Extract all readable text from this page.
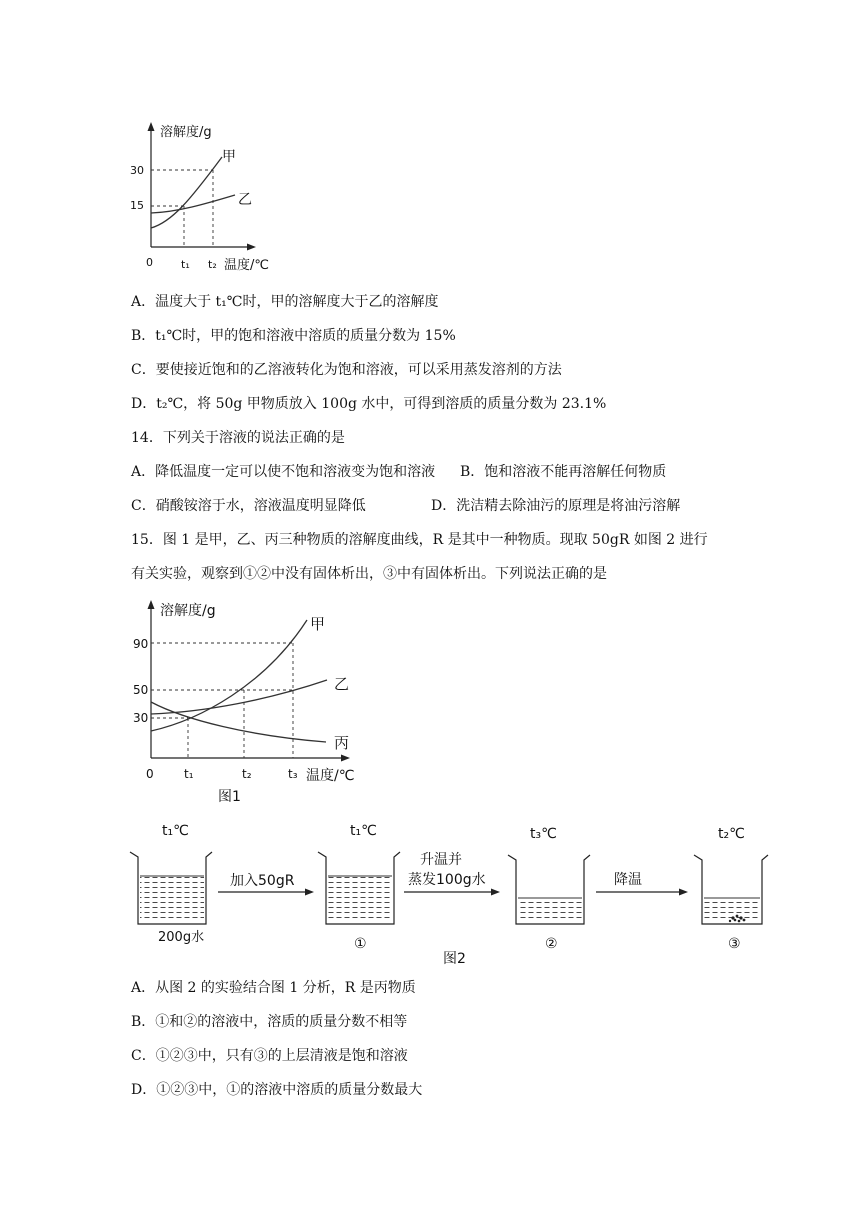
溶解度/g
温度/℃
0
30
15
t₁ t₂
甲
乙
A．温度大于 t₁℃时，甲的溶解度大于乙的溶解度
B．t₁℃时，甲的饱和溶液中溶质的质量分数为 15%
C．要使接近饱和的乙溶液转化为饱和溶液，可以采用蒸发溶剂的方法
D．t₂℃，将 50g 甲物质放入 100g 水中，可得到溶质的质量分数为 23.1%
14．下列关于溶液的说法正确的是
A．降低温度一定可以使不饱和溶液变为饱和溶液 B．饱和溶液不能再溶解任何物质
C．硝酸铵溶于水，溶液温度明显降低	D．洗洁精去除油污的原理是将油污溶解
15．图 1 是甲，乙、丙三种物质的溶解度曲线，R 是其中一种物质。现取 50gR 如图 2 进行
有关实验，观察到①②中没有固体析出，③中有固体析出。下列说法正确的是
溶解度/g
温度/℃
0
90
50
30
t₁	t₂	t₃
甲
乙
丙
图1
t₁℃
200g水
加入50gR
t₁℃
①
升温并
蒸发100g水
t₃℃
②
降温
t₂℃
③
图2
A．从图 2 的实验结合图 1 分析，R 是丙物质
B．①和②的溶液中，溶质的质量分数不相等
C．①②③中，只有③的上层清液是饱和溶液
D．①②③中，①的溶液中溶质的质量分数最大
